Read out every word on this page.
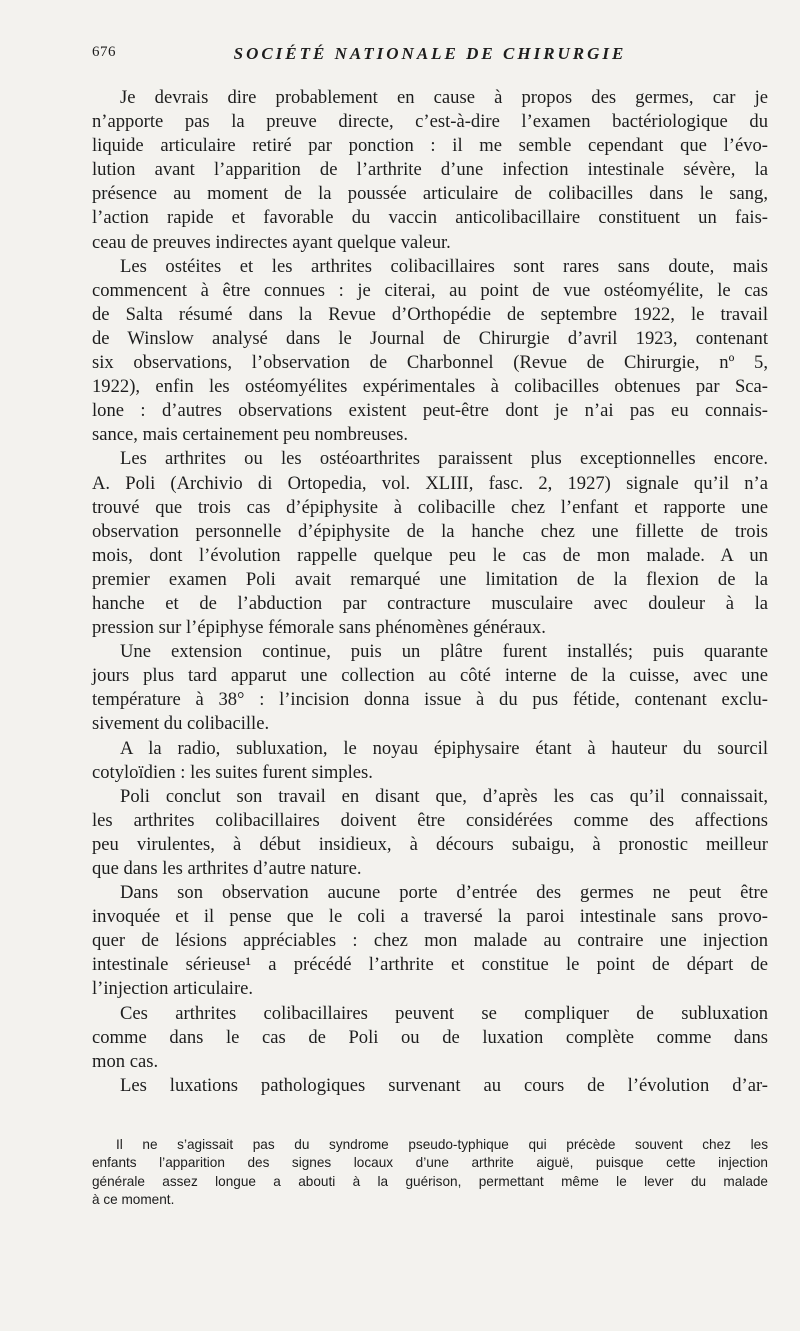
676	SOCIÉTÉ NATIONALE DE CHIRURGIE
Je devrais dire probablement en cause à propos des germes, car je
n’apporte pas la preuve directe, c’est-à-dire l’examen bactériologique du
liquide articulaire retiré par ponction : il me semble cependant que l’évo-
lution avant l’apparition de l’arthrite d’une infection intestinale sévère, la
présence au moment de la poussée articulaire de colibacilles dans le sang,
l’action rapide et favorable du vaccin anticolibacillaire constituent un fais-
ceau de preuves indirectes ayant quelque valeur.
Les ostéites et les arthrites colibacillaires sont rares sans doute, mais
commencent à être connues : je citerai, au point de vue ostéomyélite, le cas
de Salta résumé dans la Revue d’Orthopédie de septembre 1922, le travail
de Winslow analysé dans le Journal de Chirurgie d’avril 1923, contenant
six observations, l’observation de Charbonnel (Revue de Chirurgie, nº 5,
1922), enfin les ostéomyélites expérimentales à colibacilles obtenues par Sca-
lone : d’autres observations existent peut-être dont je n’ai pas eu connais-
sance, mais certainement peu nombreuses.
Les arthrites ou les ostéoarthrites paraissent plus exceptionnelles encore.
A. Poli (Archivio di Ortopedia, vol. XLIII, fasc. 2, 1927) signale qu’il n’a
trouvé que trois cas d’épiphysite à colibacille chez l’enfant et rapporte une
observation personnelle d’épiphysite de la hanche chez une fillette de trois
mois, dont l’évolution rappelle quelque peu le cas de mon malade. A un
premier examen Poli avait remarqué une limitation de la flexion de la
hanche et de l’abduction par contracture musculaire avec douleur à la
pression sur l’épiphyse fémorale sans phénomènes généraux.
Une extension continue, puis un plâtre furent installés; puis quarante
jours plus tard apparut une collection au côté interne de la cuisse, avec une
température à 38° : l’incision donna issue à du pus fétide, contenant exclu-
sivement du colibacille.
A la radio, subluxation, le noyau épiphysaire étant à hauteur du sourcil
cotyloïdien : les suites furent simples.
Poli conclut son travail en disant que, d’après les cas qu’il connaissait,
les arthrites colibacillaires doivent être considérées comme des affections
peu virulentes, à début insidieux, à décours subaigu, à pronostic meilleur
que dans les arthrites d’autre nature.
Dans son observation aucune porte d’entrée des germes ne peut être
invoquée et il pense que le coli a traversé la paroi intestinale sans provo-
quer de lésions appréciables : chez mon malade au contraire une injection
intestinale sérieuse¹ a précédé l’arthrite et constitue le point de départ de
l’injection articulaire.
Ces arthrites colibacillaires peuvent se compliquer de subluxation
comme dans le cas de Poli ou de luxation complète comme dans
mon cas.
Les luxations pathologiques survenant au cours de l’évolution d’ar-
Il ne s’agissait pas du syndrome pseudo-typhique qui précède souvent chez les
enfants l’apparition des signes locaux d’une arthrite aiguë, puisque cette injection
générale assez longue a abouti à la guérison, permettant même le lever du malade
à ce moment.
